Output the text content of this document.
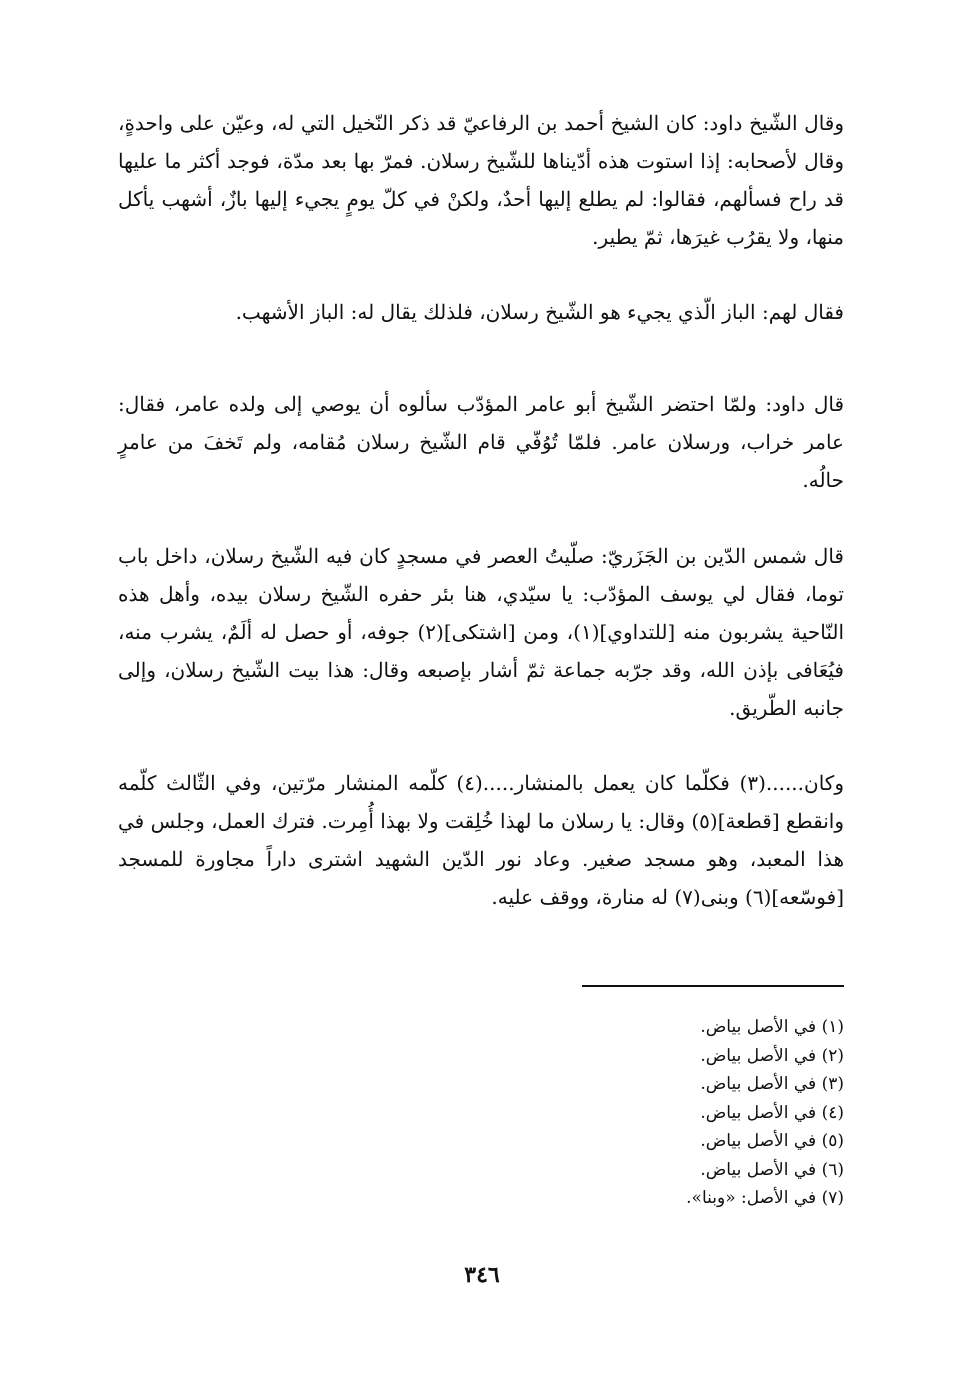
وقال الشّيخ داود: كان الشيخ أحمد بن الرفاعيّ قد ذكر النّخيل التي له، وعيّن على واحدةٍ، وقال لأصحابه: إذا استوت هذه أدّيناها للشّيخ رسلان. فمرّ بها بعد مدّة، فوجد أكثر ما عليها قد راح فسألهم، فقالوا: لم يطلع إليها أحدٌ، ولكنْ في كلّ يومٍ يجيء إليها بازٌ، أشهب يأكل منها، ولا يقرُب غيرَها، ثمّ يطير.

فقال لهم: الباز الّذي يجيء هو الشّيخ رسلان، فلذلك يقال له: الباز الأشهب.

قال داود: ولمّا احتضر الشّيخ أبو عامر المؤدّب سألوه أن يوصي إلى ولده عامر، فقال: عامر خراب، ورسلان عامر. فلمّا تُوُفّي قام الشّيخ رسلان مُقامه، ولم تَخفَ من عامرٍ حالُه.

قال شمس الدّين بن الجَزَريّ: صلّيتُ العصر في مسجدٍ كان فيه الشّيخ رسلان، داخل باب توما، فقال لي يوسف المؤدّب: يا سيّدي، هنا بئر حفره الشّيخ رسلان بيده، وأهل هذه النّاحية يشربون منه [للتداوي](١)، ومن [اشتكى](٢) جوفه، أو حصل له ألَمٌ، يشرب منه، فيُعَافى بإذن الله، وقد جرّبه جماعة ثمّ أشار بإصبعه وقال: هذا بيت الشّيخ رسلان، وإلى جانبه الطّريق.

وكان......(٣) فكلّما كان يعمل بالمنشار.....(٤) كلّمه المنشار مرّتين، وفي الثّالث كلّمه وانقطع [قطعة](٥) وقال: يا رسلان ما لهذا خُلِقت ولا بهذا أُمِرت. فترك العمل، وجلس في هذا المعبد، وهو مسجد صغير. وعاد نور الدّين الشهيد اشترى داراً مجاورة للمسجد [فوسّعه](٦) وبنى(٧) له منارة، ووقف عليه.

(١) في الأصل بياض.
(٢) في الأصل بياض.
(٣) في الأصل بياض.
(٤) في الأصل بياض.
(٥) في الأصل بياض.
(٦) في الأصل بياض.
(٧) في الأصل: «وبنا».
٣٤٦
